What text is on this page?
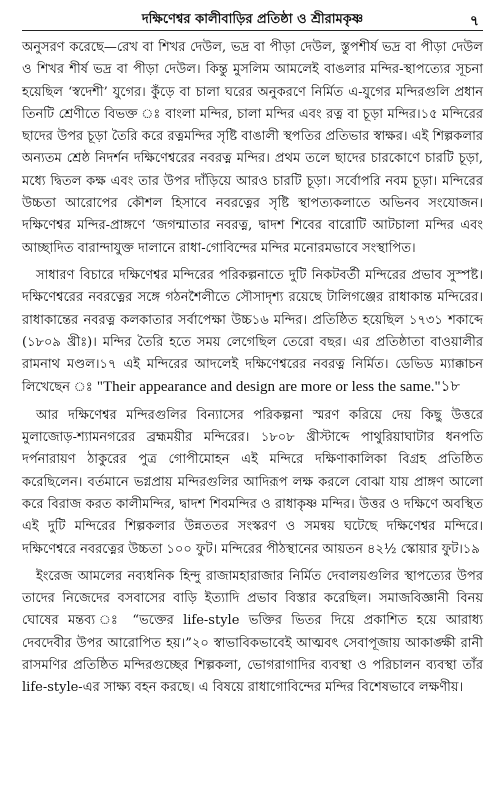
দক্ষিণেশ্বর কালীবাড়ির প্রতিষ্ঠা ও শ্রীরামকৃষ্ণ	৭

অনুসরণ করেছে—রেখ বা শিখর দেউল, ভদ্র বা পীড়া দেউল, স্তুপশীর্ষ ভদ্র বা পীড়া দেউল ও শিখর শীর্ষ ভদ্র বা পীড়া দেউল। কিন্তু মুসলিম আমলেই বাঙলার মন্দির-স্থাপত্যের সূচনা হয়েছিল ‘স্বদেশী’ যুগের। কুঁড়ে বা চালা ঘরের অনুকরণে নির্মিত এ-যুগের মন্দিরগুলি প্রধান তিনটি শ্রেণীতে বিভক্ত ঃ বাংলা মন্দির, চালা মন্দির এবং রত্ন বা চূড়া মন্দির।১৫ মন্দিরের ছাদের উপর চূড়া তৈরি করে রত্নমন্দির সৃষ্টি বাঙালী স্থপতির প্রতিভার স্বাক্ষর। এই শিল্পকলার অন্যতম শ্রেষ্ঠ নিদর্শন দক্ষিণেশ্বরের নবরত্ন মন্দির। প্রথম তলে ছাদের চারকোণে চারটি চূড়া, মধ্যে দ্বিতল কক্ষ এবং তার উপর দাঁড়িয়ে আরও চারটি চূড়া। সর্বোপরি নবম চূড়া। মন্দিরের উচ্চতা আরোপের কৌশল হিসাবে নবরত্নের সৃষ্টি স্থাপত্যকলাতে অভিনব সংযোজন। দক্ষিণেশ্বর মন্দির-প্রাঙ্গণে ‘জগন্মাতার নবরত্ন, দ্বাদশ শিবের বারোটি আটচালা মন্দির এবং আচ্ছাদিত বারান্দাযুক্ত দালানে রাধা-গোবিন্দের মন্দির মনোরমভাবে সংস্থাপিত।

সাধারণ বিচারে দক্ষিণেশ্বর মন্দিরের পরিকল্পনাতে দুটি নিকটবর্তী মন্দিরের প্রভাব সুস্পষ্ট। দক্ষিণেশ্বরের নবরত্নের সঙ্গে গঠনশৈলীতে সৌসাদৃশ্য রয়েছে টালিগঞ্জের রাধাকান্ত মন্দিরের। রাধাকান্তের নবরত্ন কলকাতার সর্বাপেক্ষা উচ্চ১৬ মন্দির। প্রতিষ্ঠিত হয়েছিল ১৭৩১ শকাব্দে (১৮০৯ খ্রীঃ)। মন্দির তৈরি হতে সময় লেগেছিল তেরো বছর। এর প্রতিষ্ঠাতা বাওয়ালীর রামনাথ মণ্ডল।১৭ এই মন্দিরের আদলেই দক্ষিণেশ্বরের নবরত্ন নির্মিত। ডেভিড ম্যাক্কাচন লিখেছেন ঃ "Their appearance and design are more or less the same."১৮

আর দক্ষিণেশ্বর মন্দিরগুলির বিন্যাসের পরিকল্পনা স্মরণ করিয়ে দেয় কিছু উত্তরে মুলাজোড়-শ্যামনগরের ব্রহ্মময়ীর মন্দিরের। ১৮০৮ খ্রীস্টাব্দে পাথুরিয়াঘাটার ধনপতি দর্পনারায়ণ ঠাকুরের পুত্র গোপীমোহন এই মন্দিরে দক্ষিণাকালিকা বিগ্রহ প্রতিষ্ঠিত করেছিলেন। বর্তমানে ভগ্নপ্রায় মন্দিরগুলির আদিরূপ লক্ষ করলে বোঝা যায় প্রাঙ্গণ আলো করে বিরাজ করত কালীমন্দির, দ্বাদশ শিবমন্দির ও রাধাকৃষ্ণ মন্দির। উত্তর ও দক্ষিণে অবস্থিত এই দুটি মন্দিরের শিল্পকলার উন্নততর সংস্করণ ও সমন্বয় ঘটেছে দক্ষিণেশ্বর মন্দিরে। দক্ষিণেশ্বরে নবরত্নের উচ্চতা ১০০ ফুট। মন্দিরের পীঠস্থানের আয়তন ৪২½ স্কোয়ার ফুট।১৯

ইংরেজ আমলের নব্যধনিক হিন্দু রাজামহারাজার নির্মিত দেবালয়গুলির স্থাপত্যের উপর তাদের নিজেদের বসবাসের বাড়ি ইত্যাদি প্রভাব বিস্তার করেছিল। সমাজবিজ্ঞানী বিনয় ঘোষের মন্তব্য ঃ “ভক্তের life-style ভক্তির ভিতর দিয়ে প্রকাশিত হয়ে আরাধ্য দেবদেবীর উপর আরোপিত হয়।”২০ স্বাভাবিকভাবেই আত্মবৎ সেবাপূজায় আকাঙ্ক্ষী রানী রাসমণির প্রতিষ্ঠিত মন্দিরগুচ্ছের শিল্পকলা, ভোগরাগাদির ব্যবস্থা ও পরিচালন ব্যবস্থা তাঁর life-style-এর সাক্ষ্য বহন করছে। এ বিষয়ে রাধাগোবিন্দের মন্দির বিশেষভাবে লক্ষণীয়।
